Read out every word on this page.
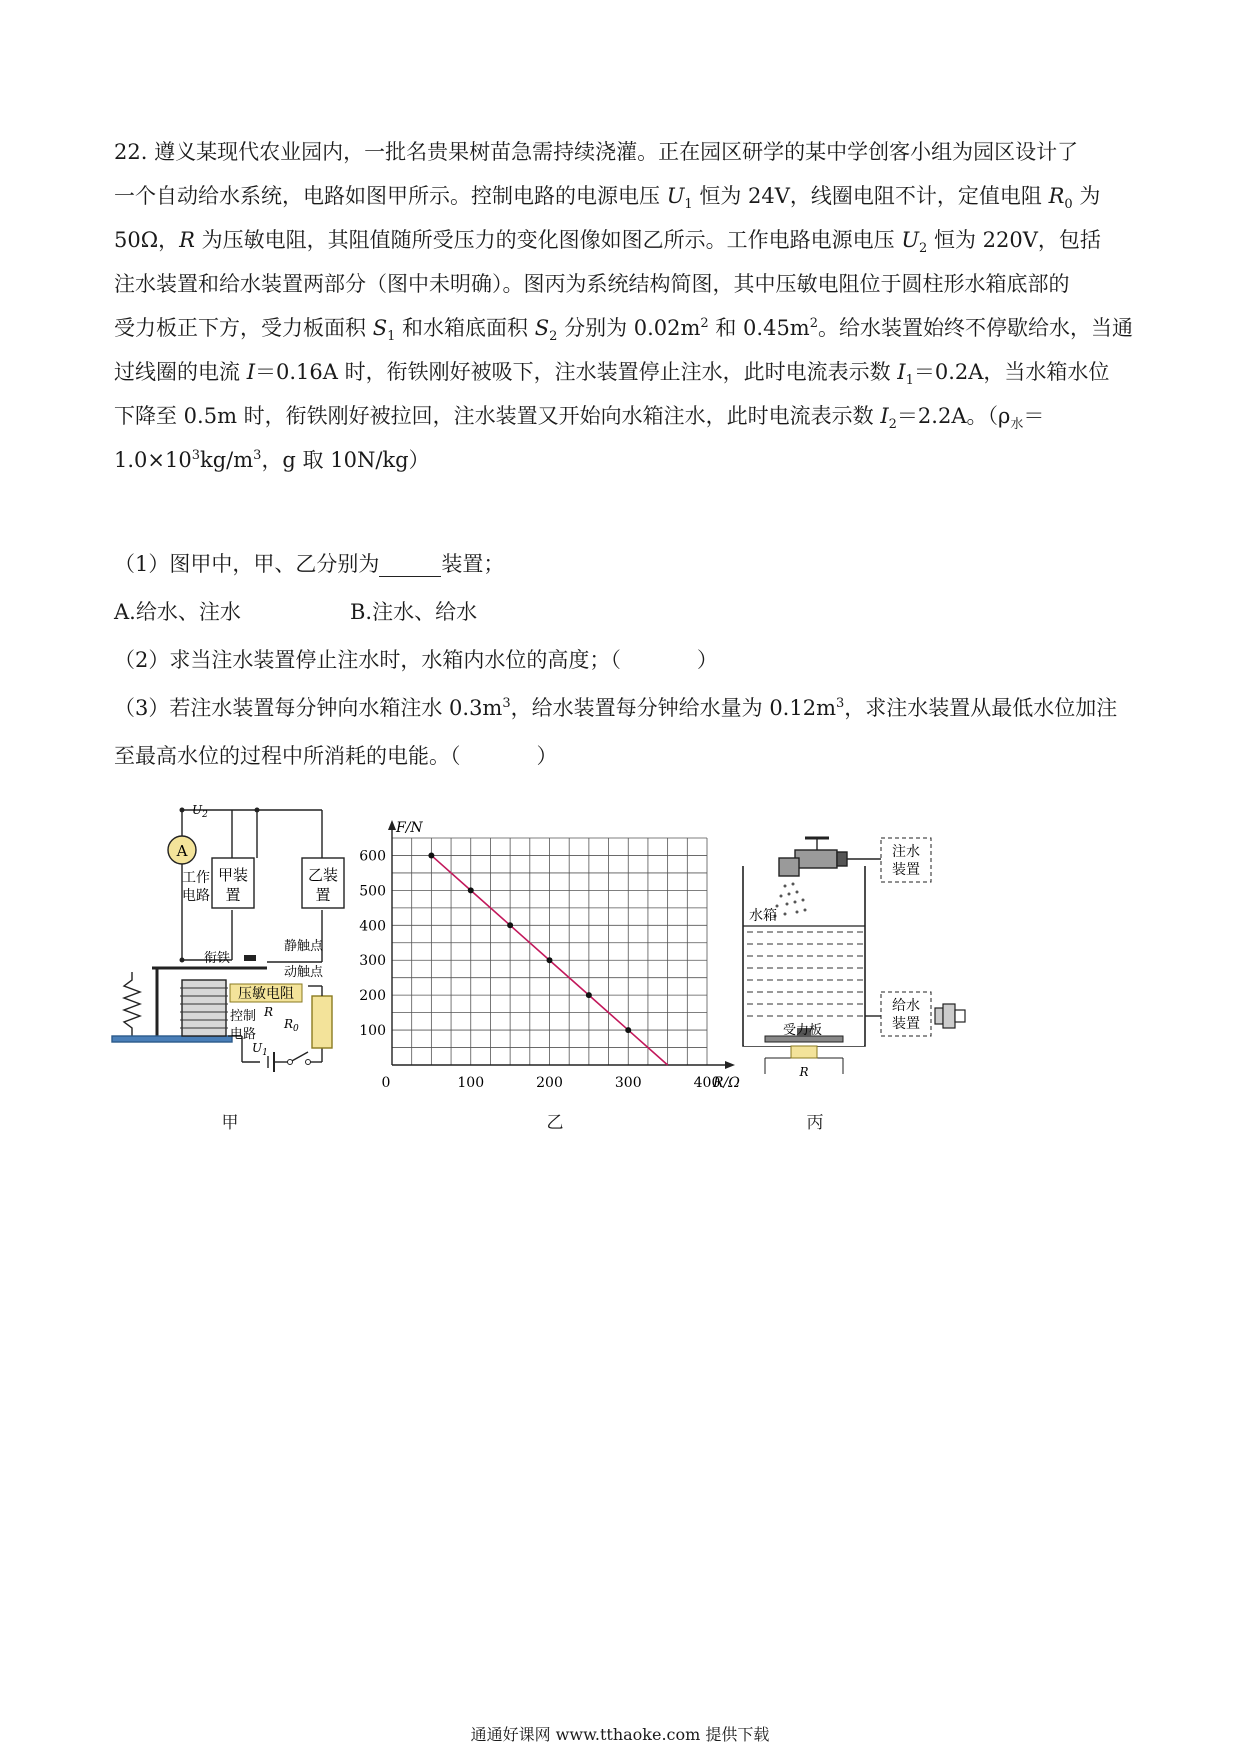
22. 遵义某现代农业园内，一批名贵果树苗急需持续浇灌。正在园区研学的某中学创客小组为园区设计了
一个自动给水系统，电路如图甲所示。控制电路的电源电压 $U_1$ 恒为 24V，线圈电阻不计，定值电阻 $R_0$ 为
50Ω，R 为压敏电阻，其阻值随所受压力的变化图像如图乙所示。工作电路电源电压 $U_2$ 恒为 220V，包括
注水装置和给水装置两部分（图中未明确）。图丙为系统结构简图，其中压敏电阻位于圆柱形水箱底部的
受力板正下方，受力板面积 $S_1$ 和水箱底面积 $S_2$ 分别为 $0.02m^2$ 和 $0.45m^2$。给水装置始终不停歇给水，当通
过线圈的电流 I＝0.16A 时，衔铁刚好被吸下，注水装置停止注水，此时电流表示数 $I_1=0.2A$，当水箱水位
下降至 0.5m 时，衔铁刚好被拉回，注水装置又开始向水箱注水，此时电流表示数 $I_2=2.2A$。（$\rho_水=$
$1.0\times 10^3kg/m^3$，g 取 10N/kg）
（1）图甲中，甲、乙分别为	装置；
A.给水、注水	B.注水、给水
（2）求当注水装置停止注水时，水箱内水位的高度；（	）
（3）若注水装置每分钟向水箱注水 $0.3m^3$，给水装置每分钟给水量为 $0.12m^3$，求注水装置从最低水位加注
至最高水位的过程中所消耗的电能。（	）
A
$U_2$
甲装
置
乙装
置
工作
电路
衔铁
静触点
动触点
压敏电阻
控制
电路
R
$R_0$
$U_1$
甲
100
200
300
400
500
600
0	100	200	300	400
F/N
R/Ω
乙
注水
装置
水箱
受力板
R
给水
装置
丙
通通好课网 www.tthaoke.com 提供下载
